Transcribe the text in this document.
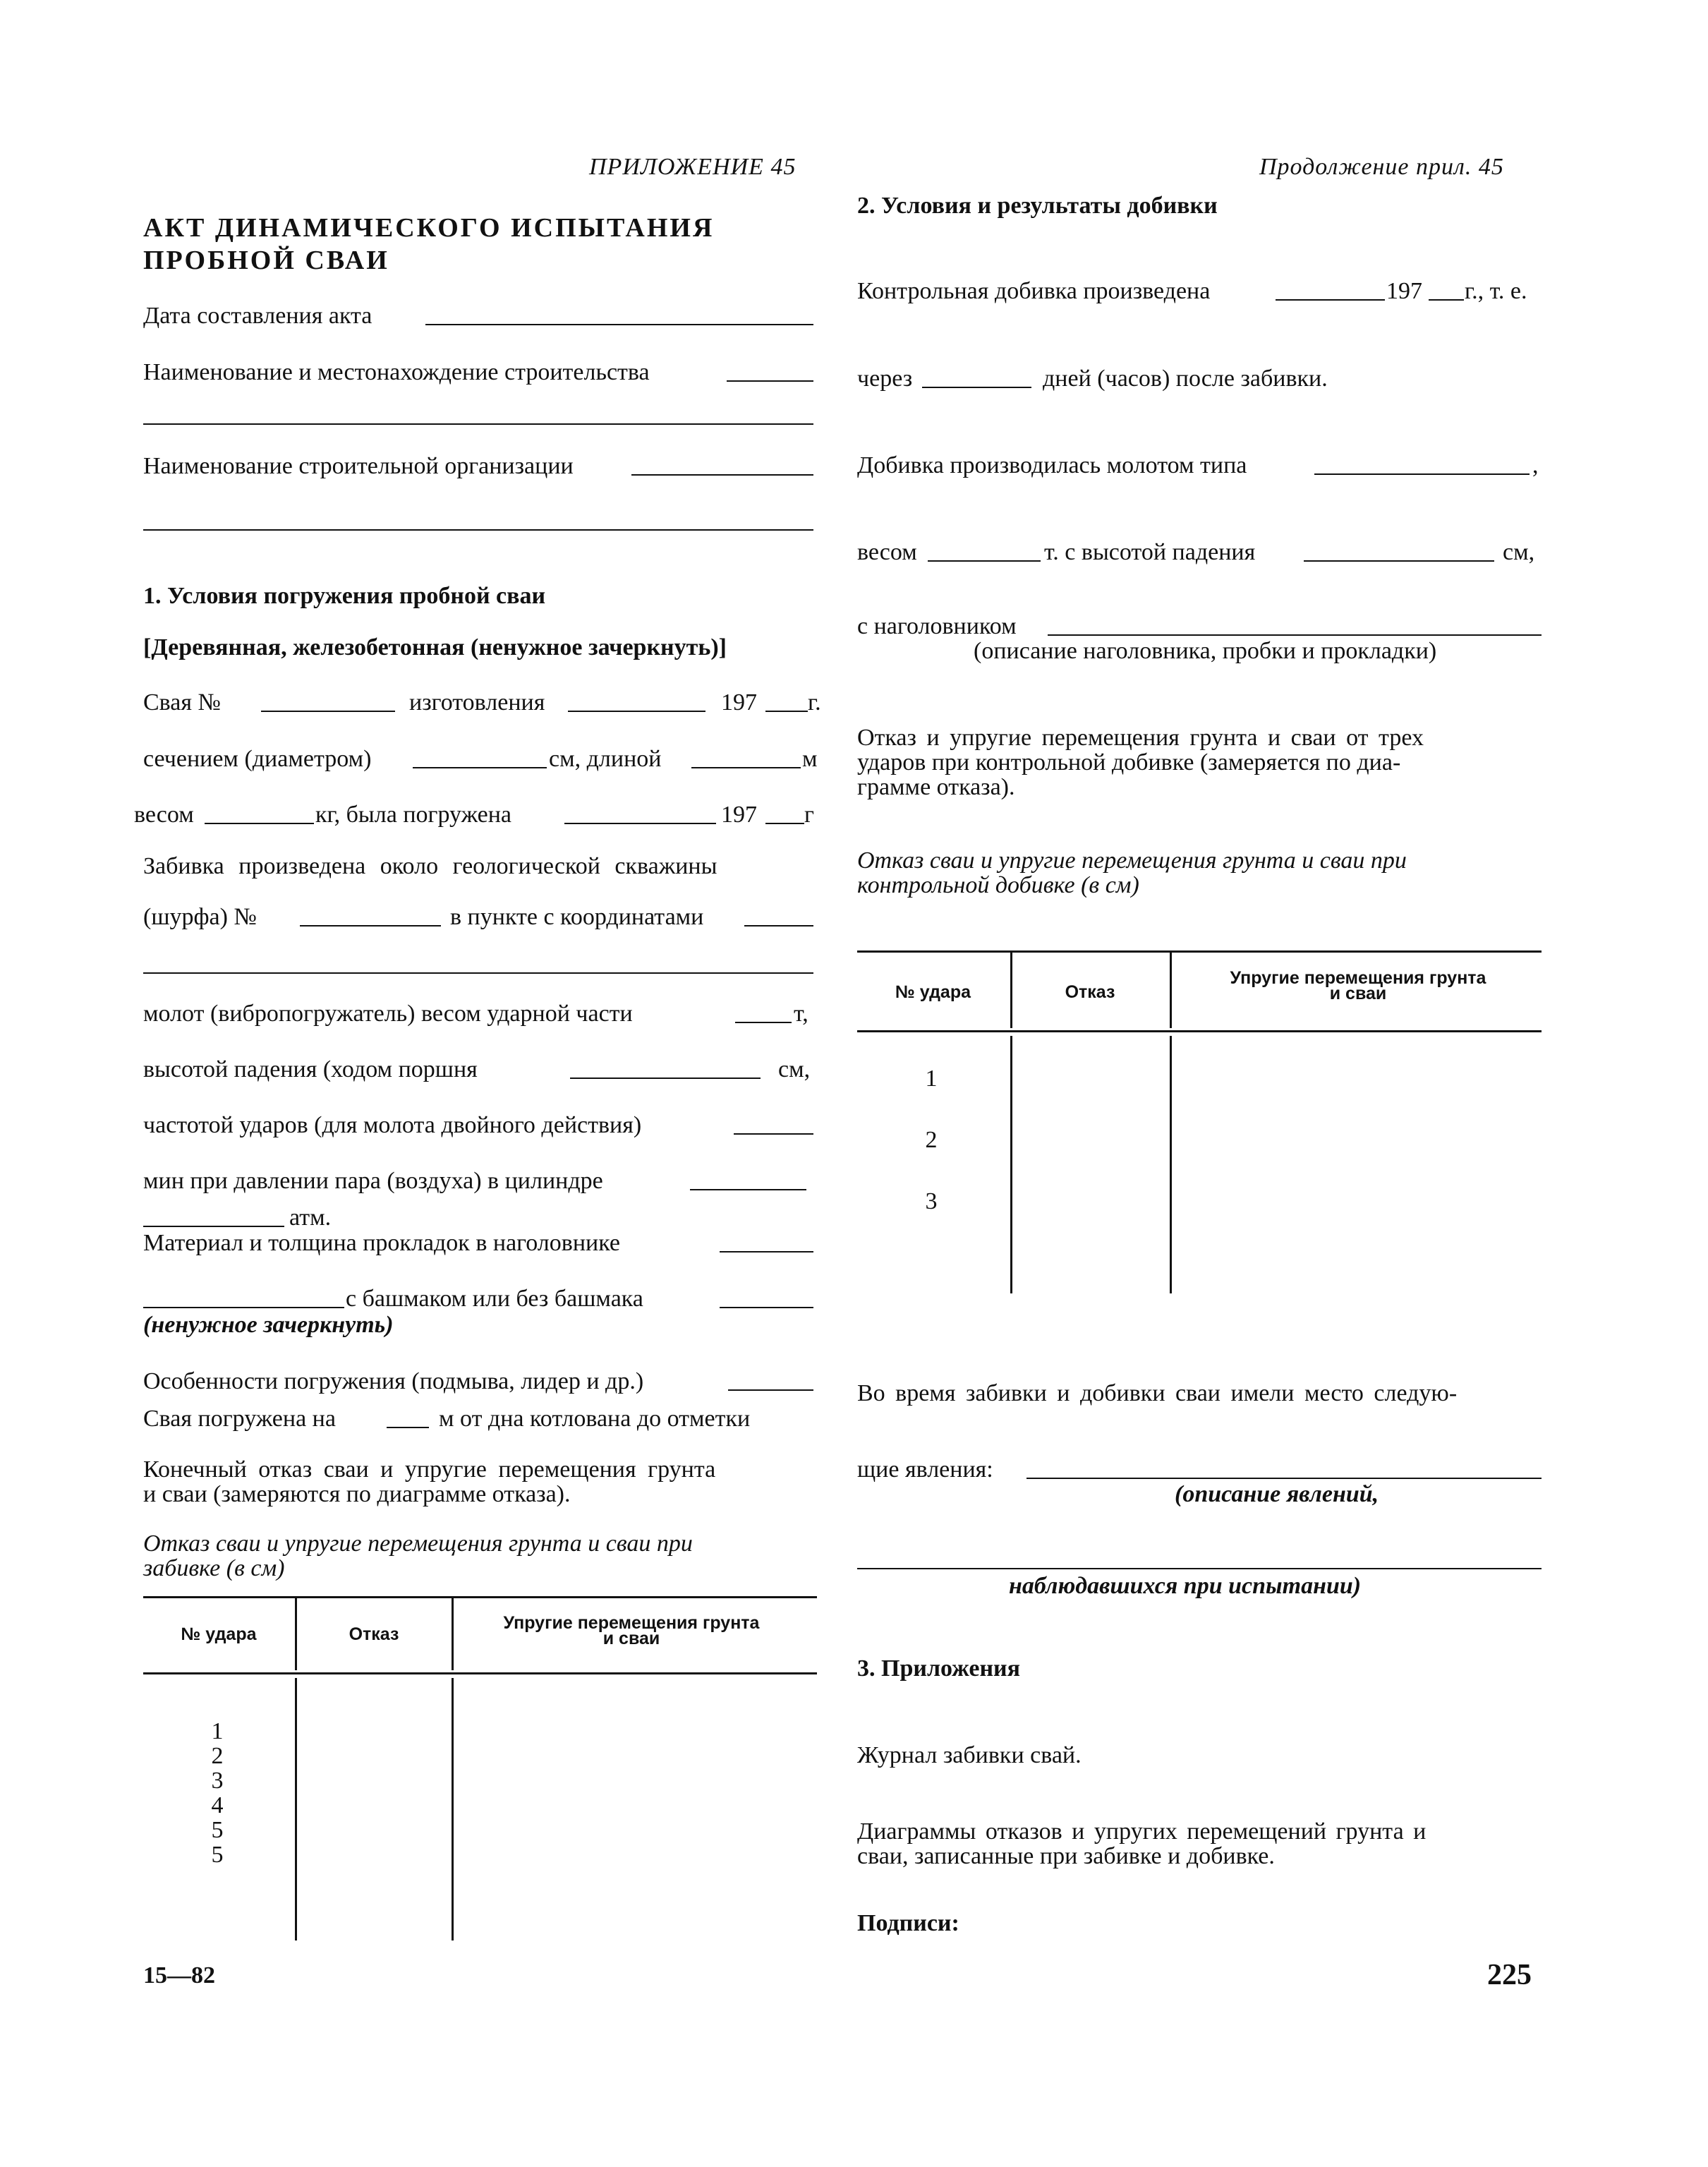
ПРИЛОЖЕНИЕ 45
АКТ ДИНАМИЧЕСКОГО ИСПЫТАНИЯ
ПРОБНОЙ СВАИ
Дата составления акта
Наименование и местонахождение строительства
Наименование строительной организации
1. Условия погружения пробной сваи
[Деревянная, железобетонная (ненужное зачеркнуть)]
Свая №	изготовления	197 г.
сечением (диаметром)	см, длиной	м
весом	кг, была погружена	197 г
Забивка произведена около геологической скважины
(шурфа) №	в пункте с координатами
молот (вибропогружатель) весом ударной части	т,
высотой падения (ходом поршня	см,
частотой ударов (для молота двойного действия)
мин при давлении пара (воздуха) в цилиндре
атм.
Материал и толщина прокладок в наголовнике
с башмаком или без башмака
(ненужное зачеркнуть)
Особенности погружения (подмыва, лидер и др.)
Свая погружена на	м от дна котлована до отметки
Конечный отказ сваи и упругие перемещения грунта
и сваи (замеряются по диаграмме отказа).
Отказ сваи и упругие перемещения грунта и сваи при
забивке (в см)
№ удара	Отказ
Упругие перемещения грунта
и сваи
1
2
3
4
5
5
15—82
Продолжение прил. 45
2. Условия и результаты добивки
Контрольная добивка произведена	197 г., т. е.
через	дней (часов) после забивки.
Добивка производилась молотом типа	,
весом	т. с высотой падения	см,
с наголовником
(описание наголовника, пробки и прокладки)
Отказ и упругие перемещения грунта и сваи от трех
ударов при контрольной добивке (замеряется по диа-
грамме отказа).
Отказ сваи и упругие перемещения грунта и сваи при
контрольной добивке (в см)
№ удара	Отказ
Упругие перемещения грунта
и сваи
1
2
3
Во время забивки и добивки сваи имели место следую-
щие явления:
(описание явлений,
наблюдавшихся при испытании)
3. Приложения
Журнал забивки свай.
Диаграммы отказов и упругих перемещений грунта и
сваи, записанные при забивке и добивке.
Подписи:
225
